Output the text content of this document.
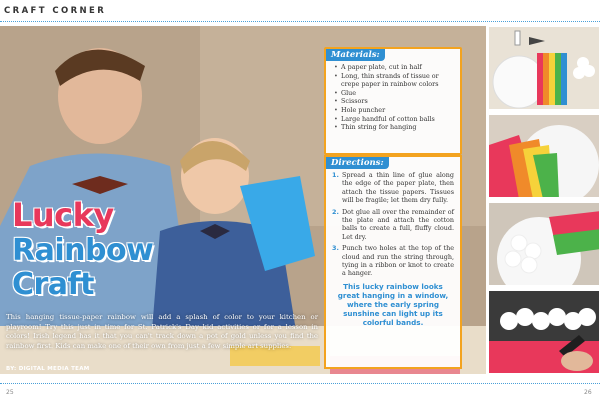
CRAFT CORNER
Lucky
Rainbow
Craft

This hanging tissue-paper rainbow will add a splash of color to your kitchen or playroom! Try this just in time for St. Patrick's Day kid activities or for a lesson in colors! Irish legend has it that you can't track down a pot of gold unless you find the rainbow first. Kids can make one of their own from just a few simple art supplies.

BY: DIGITAL MEDIA TEAM
Materials:
• A paper plate, cut in half
• Long, thin strands of tissue or crepe paper in rainbow colors
• Glue
• Scissors
• Hole puncher
• Large handful of cotton balls
• Thin string for hanging
Directions:
1. Spread a thin line of glue along the edge of the paper plate, then attach the tissue papers. Tissues will be fragile; let them dry fully.
2. Dot glue all over the remainder of the plate and attach the cotton balls to create a full, fluffy cloud. Let dry.
3. Punch two holes at the top of the cloud and run the string through, tying in a ribbon or knot to create a hanger.

This lucky rainbow looks great hanging in a window, where the early spring sunshine can light up its colorful bands.

25	26
